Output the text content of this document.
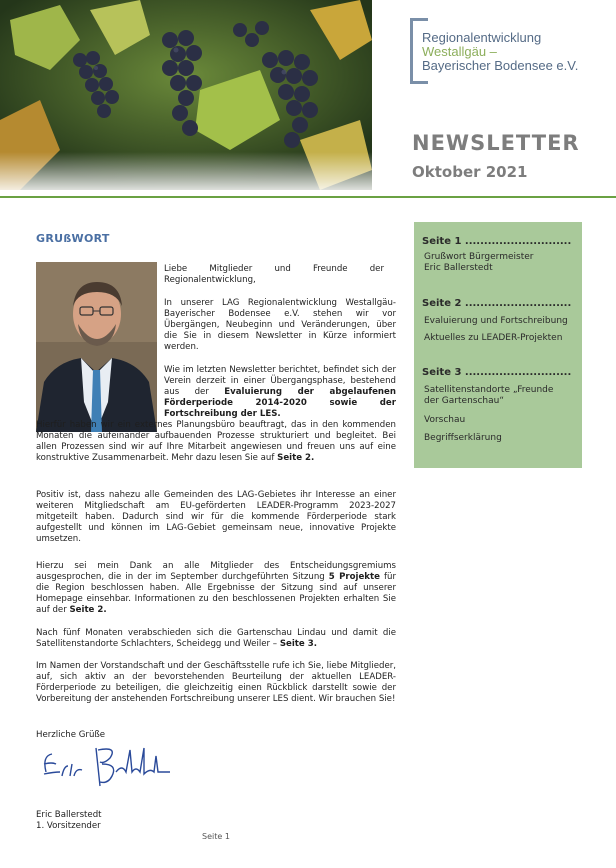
Regionalentwicklung
Westallgäu –
Bayerischer Bodensee e.V.
NEWSLETTER
Oktober 2021
Seite 1 ............................
Grußwort Bürgermeister Eric Ballerstedt
Seite 2 ............................
Evaluierung und Fortschreibung
Aktuelles zu LEADER-Projekten
Seite 3 ............................
Satellitenstandorte „Freunde der Gartenschau“
Vorschau
Begriffserklärung
GRUßWORT
Liebe Mitglieder und Freunde der Regionalentwicklung,
In unserer LAG Regionalentwicklung Westallgäu-Bayerischer Bodensee e.V. stehen wir vor Übergängen, Neubeginn und Veränderungen, über die Sie in diesem Newsletter in Kürze informiert werden.
Wie im letzten Newsletter berichtet, befindet sich der Verein derzeit in einer Übergangsphase, bestehend aus der Evaluierung der abgelaufenen Förderperiode 2014-2020 sowie der Fortschreibung der LES.
Hierfür haben wir ein externes Planungsbüro beauftragt, das in den kommenden Monaten die aufeinander aufbauenden Prozesse strukturiert und begleitet. Bei allen Prozessen sind wir auf Ihre Mitarbeit angewiesen und freuen uns auf eine konstruktive Zusammenarbeit. Mehr dazu lesen Sie auf Seite 2.
Positiv ist, dass nahezu alle Gemeinden des LAG-Gebietes ihr Interesse an einer weiteren Mitgliedschaft am EU-geförderten LEADER-Programm 2023-2027 mitgeteilt haben. Dadurch sind wir für die kommende Förderperiode stark aufgestellt und können im LAG-Gebiet gemeinsam neue, innovative Projekte umsetzen.
Hierzu sei mein Dank an alle Mitglieder des Entscheidungsgremiums ausgesprochen, die in der im September durchgeführten Sitzung 5 Projekte für die Region beschlossen haben. Alle Ergebnisse der Sitzung sind auf unserer Homepage einsehbar. Informationen zu den beschlossenen Projekten erhalten Sie auf der Seite 2.
Nach fünf Monaten verabschieden sich die Gartenschau Lindau und damit die Satellitenstandorte Schlachters, Scheidegg und Weiler – Seite 3.
Im Namen der Vorstandschaft und der Geschäftsstelle rufe ich Sie, liebe Mitglieder, auf, sich aktiv an der bevorstehenden Beurteilung der aktuellen LEADER-Förderperiode zu beteiligen, die gleichzeitig einen Rückblick darstellt sowie der Vorbereitung der anstehenden Fortschreibung unserer LES dient. Wir brauchen Sie!
Herzliche Grüße
Eric Ballerstedt
1. Vorsitzender
Seite 1
